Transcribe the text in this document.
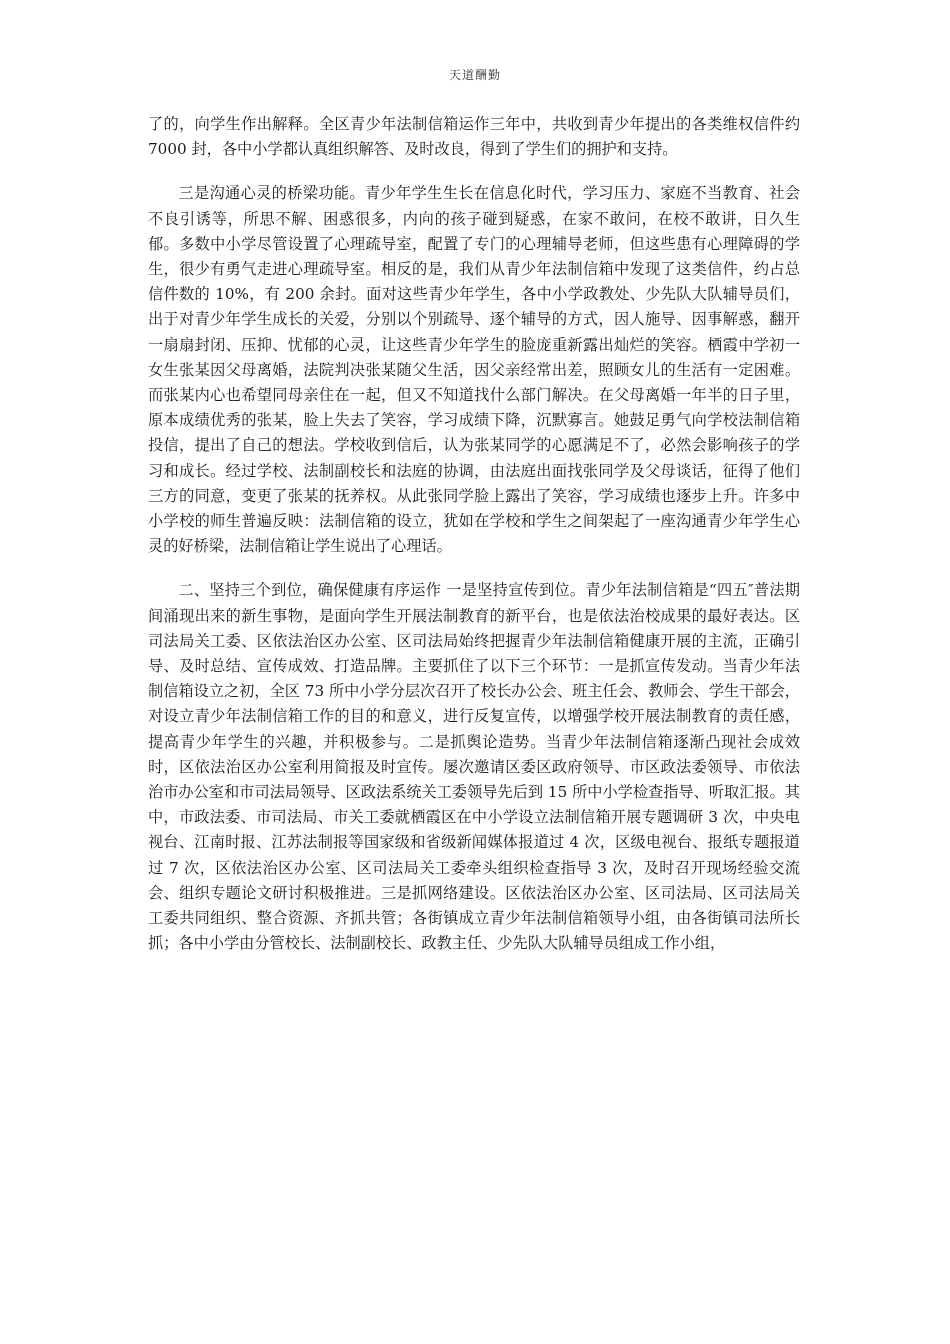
天道酬勤

了的，向学生作出解释。全区青少年法制信箱运作三年中，共收到青少年提出的各类维权信件约 7000 封，各中小学都认真组织解答、及时改良，得到了学生们的拥护和支持。

三是沟通心灵的桥梁功能。青少年学生生长在信息化时代，学习压力、家庭不当教育、社会不良引诱等，所思不解、困惑很多，内向的孩子碰到疑惑，在家不敢问，在校不敢讲，日久生郁。多数中小学尽管设置了心理疏导室，配置了专门的心理辅导老师，但这些患有心理障碍的学生，很少有勇气走进心理疏导室。相反的是，我们从青少年法制信箱中发现了这类信件，约占总信件数的 10%，有 200 余封。面对这些青少年学生，各中小学政教处、少先队大队辅导员们，出于对青少年学生成长的关爱，分别以个别疏导、逐个辅导的方式，因人施导、因事解惑，翻开一扇扇封闭、压抑、忧郁的心灵，让这些青少年学生的脸庞重新露出灿烂的笑容。栖霞中学初一女生张某因父母离婚，法院判决张某随父生活，因父亲经常出差，照顾女儿的生活有一定困难。而张某内心也希望同母亲住在一起，但又不知道找什么部门解决。在父母离婚一年半的日子里，原本成绩优秀的张某，脸上失去了笑容，学习成绩下降，沉默寡言。她鼓足勇气向学校法制信箱投信，提出了自己的想法。学校收到信后，认为张某同学的心愿满足不了，必然会影响孩子的学习和成长。经过学校、法制副校长和法庭的协调，由法庭出面找张同学及父母谈话，征得了他们三方的同意，变更了张某的抚养权。从此张同学脸上露出了笑容，学习成绩也逐步上升。许多中小学校的师生普遍反映：法制信箱的设立，犹如在学校和学生之间架起了一座沟通青少年学生心灵的好桥梁，法制信箱让学生说出了心理话。

二、坚持三个到位，确保健康有序运作 一是坚持宣传到位。青少年法制信箱是“四五″普法期间涌现出来的新生事物，是面向学生开展法制教育的新平台，也是依法治校成果的最好表达。区司法局关工委、区依法治区办公室、区司法局始终把握青少年法制信箱健康开展的主流，正确引导、及时总结、宣传成效、打造品牌。主要抓住了以下三个环节：一是抓宣传发动。当青少年法制信箱设立之初，全区 73 所中小学分层次召开了校长办公会、班主任会、教师会、学生干部会，对设立青少年法制信箱工作的目的和意义，进行反复宣传，以增强学校开展法制教育的责任感，提高青少年学生的兴趣，并积极参与。二是抓舆论造势。当青少年法制信箱逐渐凸现社会成效时，区依法治区办公室利用简报及时宣传。屡次邀请区委区政府领导、市区政法委领导、市依法治市办公室和市司法局领导、区政法系统关工委领导先后到 15 所中小学检查指导、听取汇报。其中，市政法委、市司法局、市关工委就栖霞区在中小学设立法制信箱开展专题调研 3 次，中央电视台、江南时报、江苏法制报等国家级和省级新闻媒体报道过 4 次，区级电视台、报纸专题报道过 7 次，区依法治区办公室、区司法局关工委牵头组织检查指导 3 次，及时召开现场经验交流会、组织专题论文研讨积极推进。三是抓网络建设。区依法治区办公室、区司法局、区司法局关工委共同组织、整合资源、齐抓共管；各街镇成立青少年法制信箱领导小组，由各街镇司法所长抓；各中小学由分管校长、法制副校长、政教主任、少先队大队辅导员组成工作小组，
